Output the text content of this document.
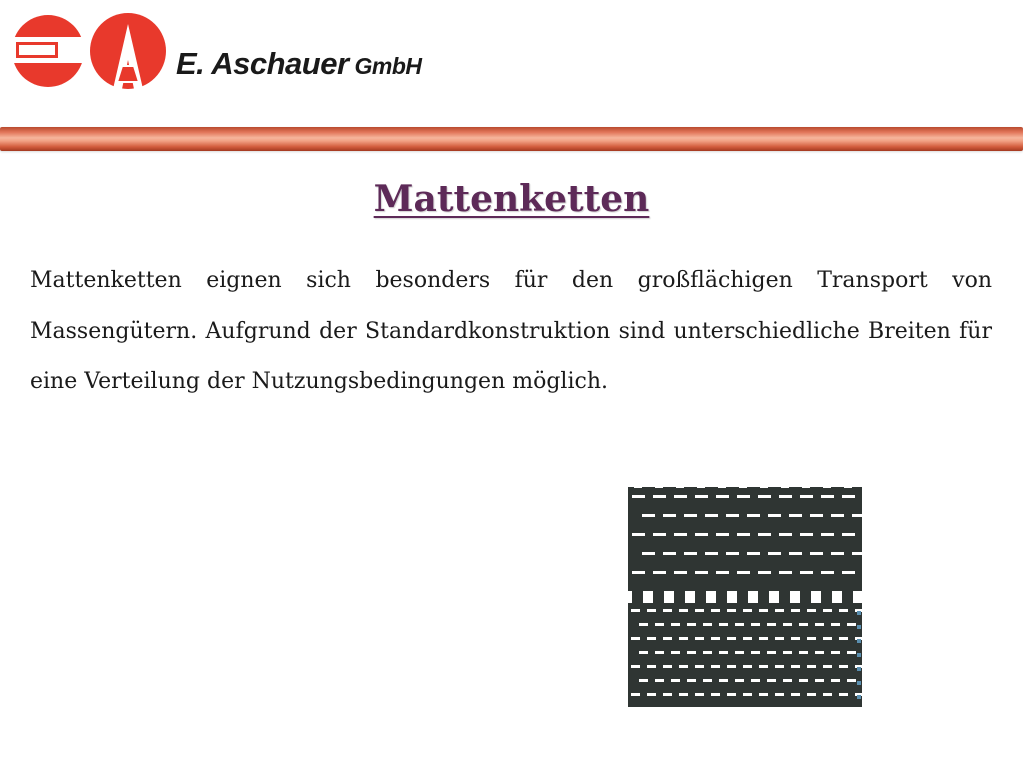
E. Aschauer GmbH
Mattenketten

Mattenketten eignen sich besonders für den großflächigen Transport von Massengütern. Aufgrund der Standardkonstruktion sind unterschiedliche Breiten für eine Verteilung der Nutzungsbedingungen möglich.
